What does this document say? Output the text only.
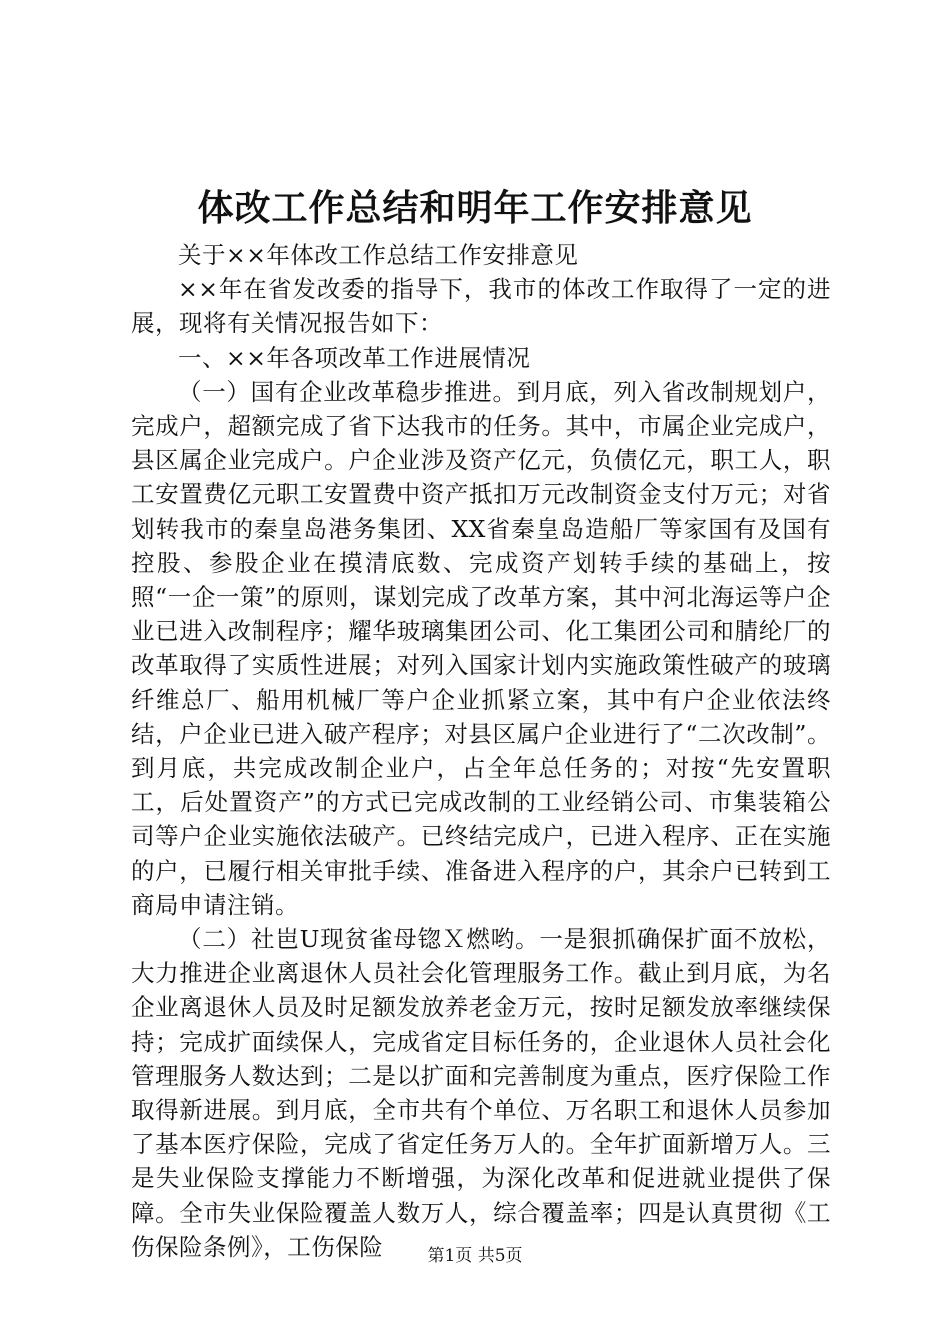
体改工作总结和明年工作安排意见

关于××年体改工作总结工作安排意见

××年在省发改委的指导下，我市的体改工作取得了一定的进展，现将有关情况报告如下：

一、××年各项改革工作进展情况

（一）国有企业改革稳步推进。到月底，列入省改制规划户，完成户，超额完成了省下达我市的任务。其中，市属企业完成户，县区属企业完成户。户企业涉及资产亿元，负债亿元，职工人，职工安置费亿元职工安置费中资产抵扣万元改制资金支付万元；对省划转我市的秦皇岛港务集团、XX省秦皇岛造船厂等家国有及国有控股、参股企业在摸清底数、完成资产划转手续的基础上，按照“一企一策”的原则，谋划完成了改革方案，其中河北海运等户企业已进入改制程序；耀华玻璃集团公司、化工集团公司和腈纶厂的改革取得了实质性进展；对列入国家计划内实施政策性破产的玻璃纤维总厂、船用机械厂等户企业抓紧立案，其中有户企业依法终结，户企业已进入破产程序；对县区属户企业进行了“二次改制”。到月底，共完成改制企业户，占全年总任务的；对按“先安置职工，后处置资产”的方式已完成改制的工业经销公司、市集装箱公司等户企业实施依法破产。已终结完成户，已进入程序、正在实施的户，已履行相关审批手续、准备进入程序的户，其余户已转到工商局申请注销。

（二）社岜U现贫雀母锪Ｘ燃哟。一是狠抓确保扩面不放松，大力推进企业离退休人员社会化管理服务工作。截止到月底，为名企业离退休人员及时足额发放养老金万元，按时足额发放率继续保持；完成扩面续保人，完成省定目标任务的，企业退休人员社会化管理服务人数达到；二是以扩面和完善制度为重点，医疗保险工作取得新进展。到月底，全市共有个单位、万名职工和退休人员参加了基本医疗保险，完成了省定任务万人的。全年扩面新增万人。三是失业保险支撑能力不断增强，为深化改革和促进就业提供了保障。全市失业保险覆盖人数万人，综合覆盖率；四是认真贯彻《工伤保险条例》，工伤保险	第1页 共5页
